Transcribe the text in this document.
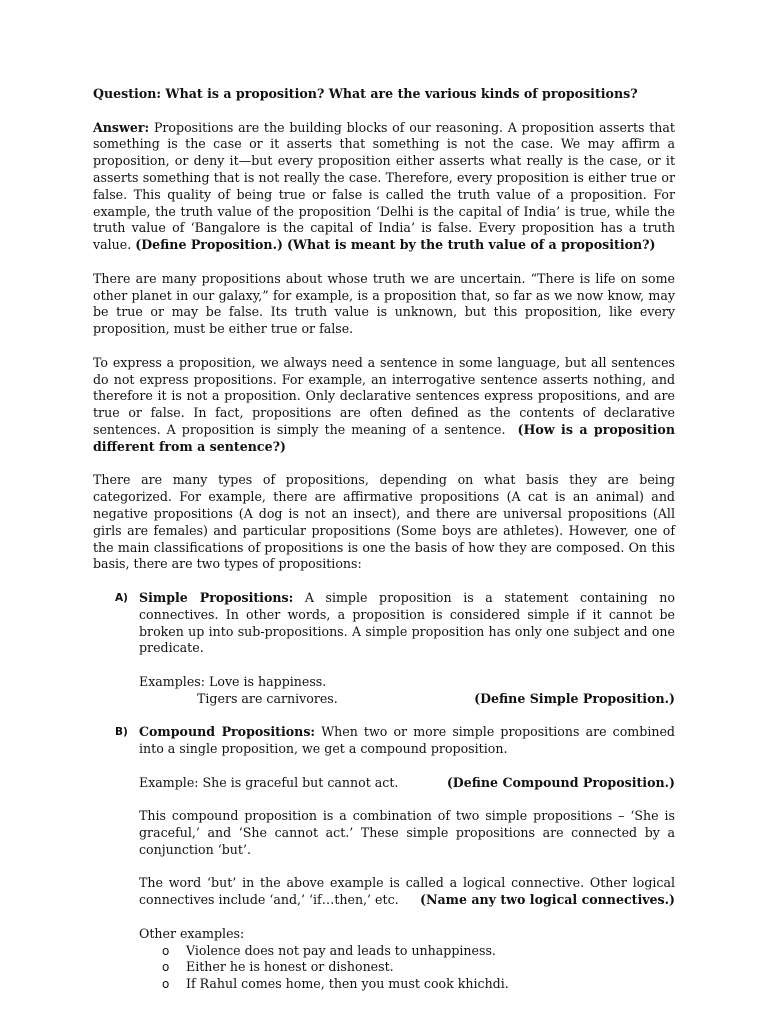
Question: What is a proposition? What are the various kinds of propositions?

Answer: Propositions are the building blocks of our reasoning. A proposition asserts that something is the case or it asserts that something is not the case. We may affirm a proposition, or deny it—but every proposition either asserts what really is the case, or it asserts something that is not really the case. Therefore, every proposition is either true or false. This quality of being true or false is called the truth value of a proposition. For example, the truth value of the proposition ‘Delhi is the capital of India’ is true, while the truth value of ‘Bangalore is the capital of India’ is false. Every proposition has a truth value. (Define Proposition.) (What is meant by the truth value of a proposition?)

There are many propositions about whose truth we are uncertain. “There is life on some other planet in our galaxy,” for example, is a proposition that, so far as we now know, may be true or may be false. Its truth value is unknown, but this proposition, like every proposition, must be either true or false.

To express a proposition, we always need a sentence in some language, but all sentences do not express propositions. For example, an interrogative sentence asserts nothing, and therefore it is not a proposition. Only declarative sentences express propositions, and are true or false. In fact, propositions are often defined as the contents of declarative sentences. A proposition is simply the meaning of a sentence. (How is a proposition different from a sentence?)

There are many types of propositions, depending on what basis they are being categorized. For example, there are affirmative propositions (A cat is an animal) and negative propositions (A dog is not an insect), and there are universal propositions (All girls are females) and particular propositions (Some boys are athletes). However, one of the main classifications of propositions is one the basis of how they are composed. On this basis, there are two types of propositions:

A) Simple Propositions: A simple proposition is a statement containing no connectives. In other words, a proposition is considered simple if it cannot be broken up into sub-propositions. A simple proposition has only one subject and one predicate.

Examples: Love is happiness.

Tigers are carnivores.	(Define Simple Proposition.)
B) Compound Propositions: When two or more simple propositions are combined into a single proposition, we get a compound proposition.

Example: She is graceful but cannot act.	(Define Compound Proposition.)

This compound proposition is a combination of two simple propositions – ‘She is graceful,’ and ‘She cannot act.’ These simple propositions are connected by a conjunction ‘but’.

The word ‘but’ in the above example is called a logical connective. Other logical connectives include ‘and,’ ‘if…then,’ etc. (Name any two logical connectives.)

Other examples:

o Violence does not pay and leads to unhappiness.
o Either he is honest or dishonest.
o If Rahul comes home, then you must cook khichdi.
